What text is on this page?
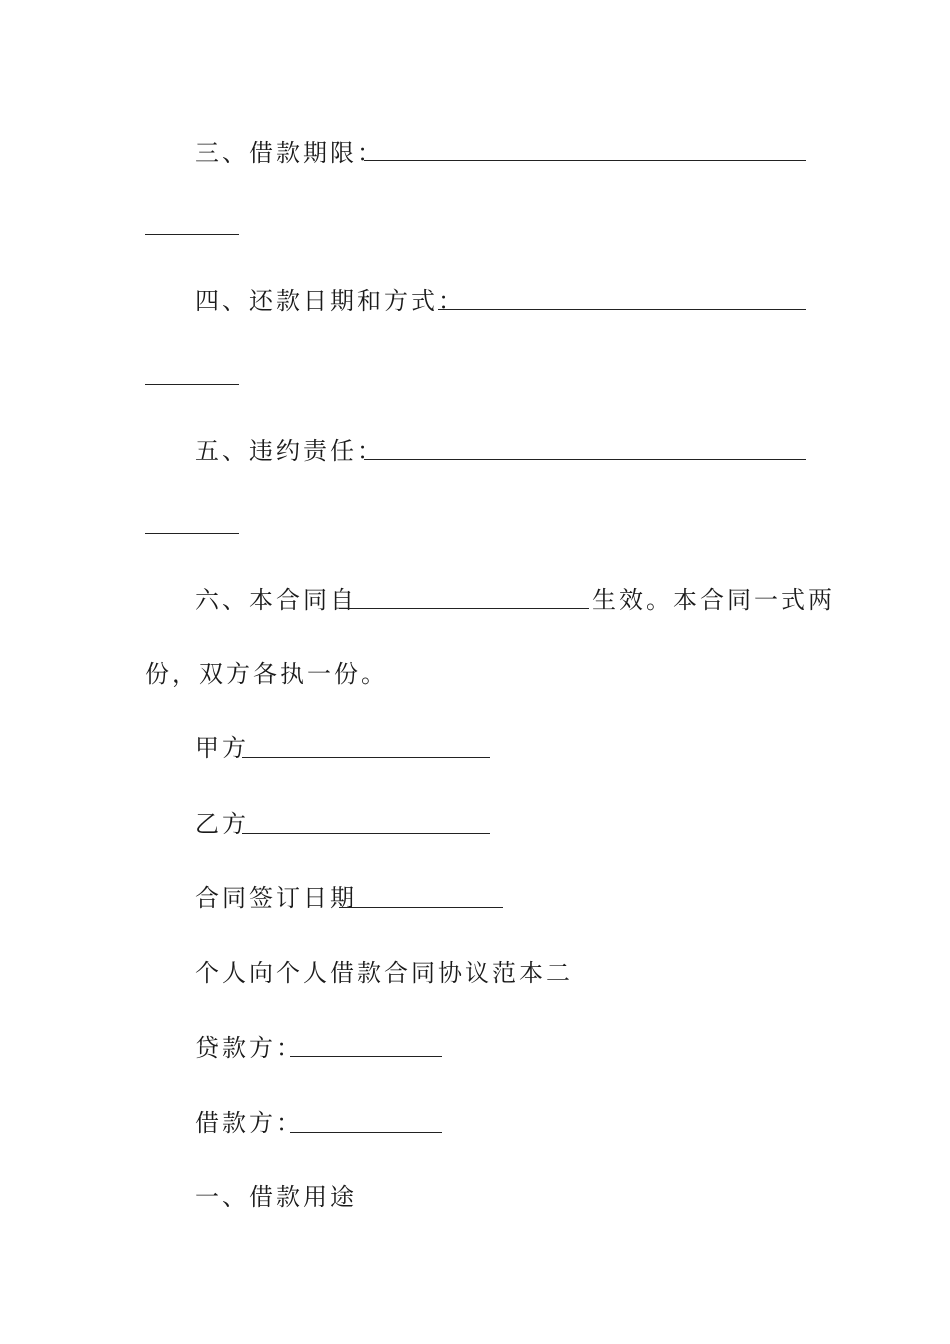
三、借款期限：
四、还款日期和方式：
五、违约责任：
六、本合同自	生效。本合同一式两
份，双方各执一份。
甲方
乙方
合同签订日期
个人向个人借款合同协议范本二
贷款方：
借款方：
一、借款用途
